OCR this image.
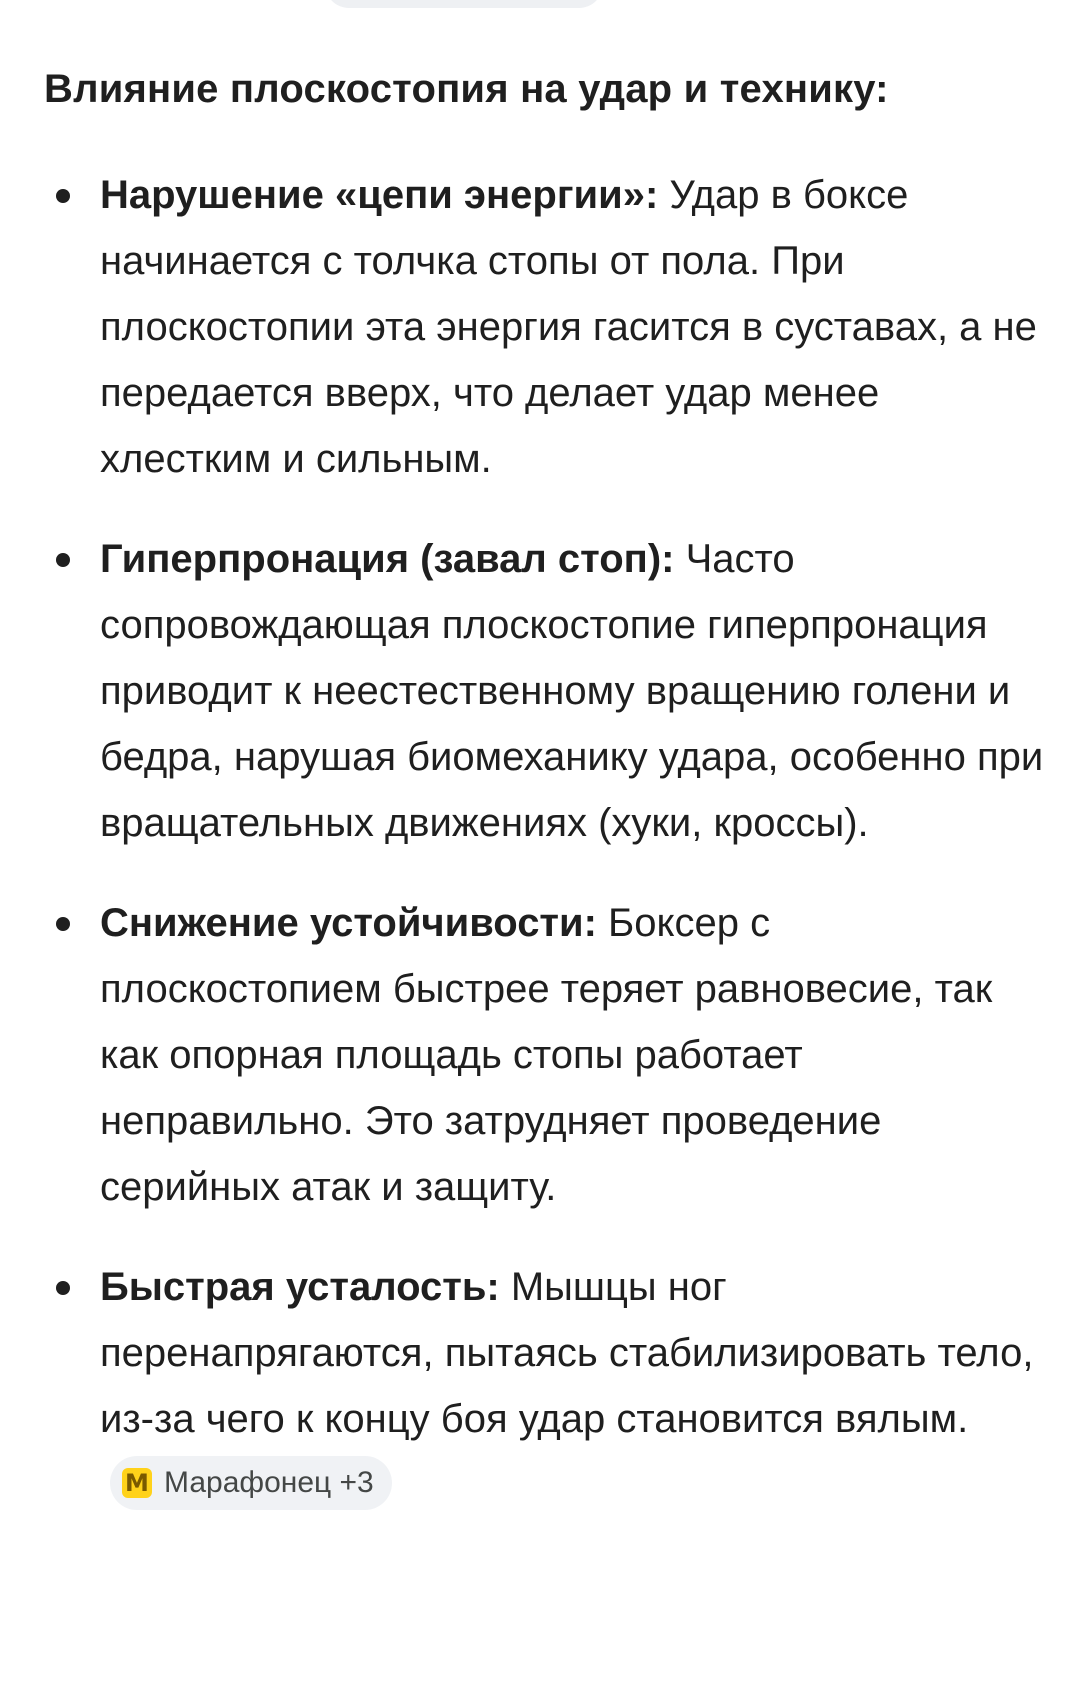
Влияние плоскостопия на удар и технику:
Нарушение «цепи энергии»: Удар в боксе начинается с толчка стопы от пола. При плоскостопии эта энергия гасится в суставах, а не передается вверх, что делает удар менее хлестким и сильным.
Гиперпронация (завал стоп): Часто сопровождающая плоскостопие гиперпронация приводит к неестественному вращению голени и бедра, нарушая биомеханику удара, особенно при вращательных движениях (хуки, кроссы).
Снижение устойчивости: Боксер с плоскостопием быстрее теряет равновесие, так как опорная площадь стопы работает неправильно. Это затрудняет проведение серийных атак и защиту.
Быстрая усталость: Мышцы ног перенапрягаются, пытаясь стабилизировать тело, из-за чего к концу боя удар становится вялым.
М Марафонец +3
